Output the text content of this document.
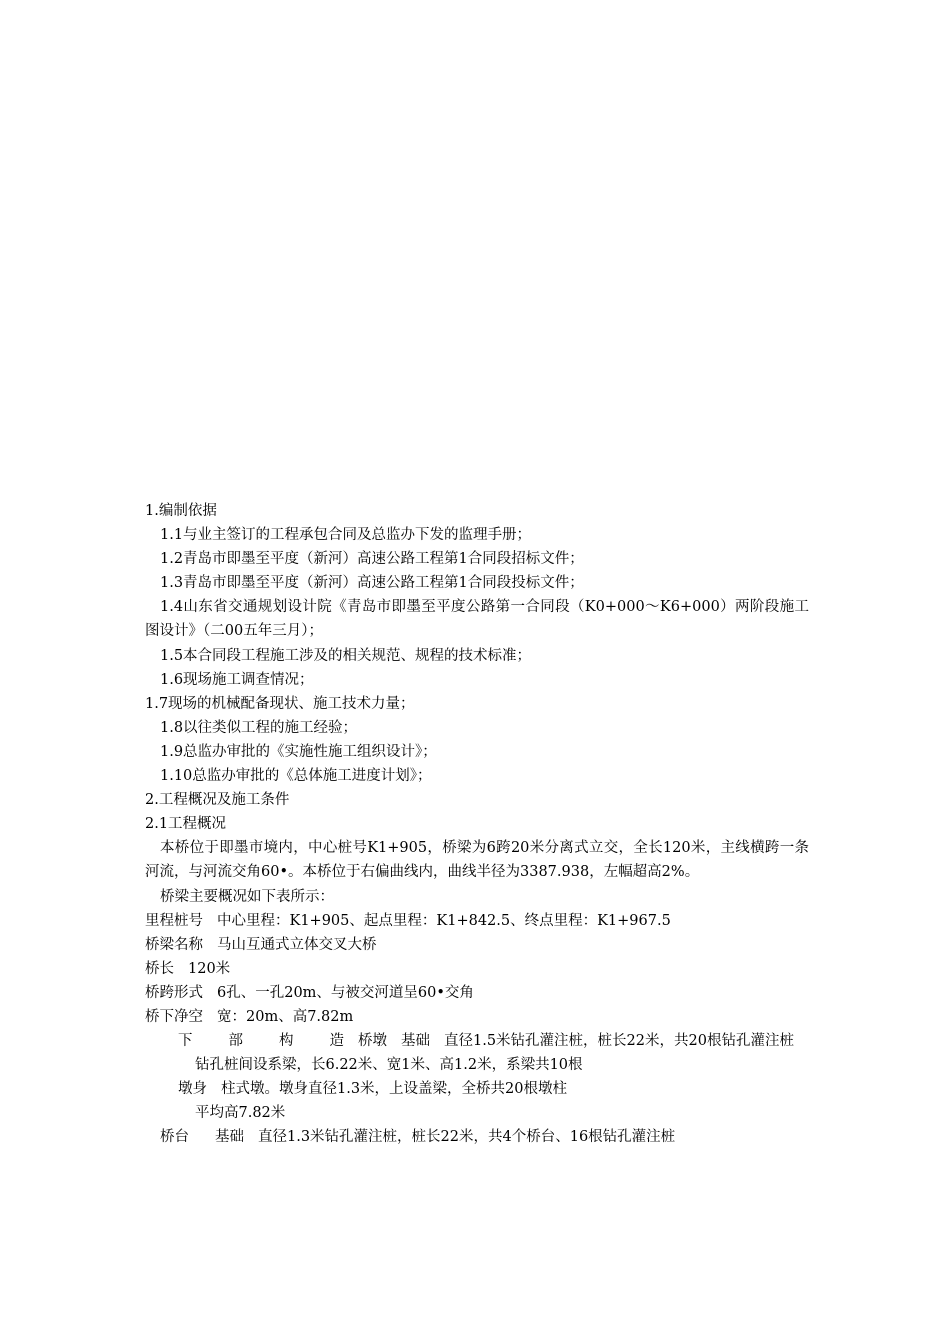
1.编制依据
1.1与业主签订的工程承包合同及总监办下发的监理手册；
1.2青岛市即墨至平度（新河）高速公路工程第1合同段招标文件；
1.3青岛市即墨至平度（新河）高速公路工程第1合同段投标文件；
1.4山东省交通规划设计院《青岛市即墨至平度公路第一合同段（K0+000～K6+000）两阶段施工图设计》（二00五年三月）；
1.5本合同段工程施工涉及的相关规范、规程的技术标准；
1.6现场施工调查情况；
1.7现场的机械配备现状、施工技术力量；
1.8以往类似工程的施工经验；
1.9总监办审批的《实施性施工组织设计》；
1.10总监办审批的《总体施工进度计划》；
2.工程概况及施工条件
2.1工程概况
本桥位于即墨市境内，中心桩号K1+905，桥梁为6跨20米分离式立交，全长120米，主线横跨一条河流，与河流交角60•。本桥位于右偏曲线内，曲线半径为3387.938，左幅超高2%。
桥梁主要概况如下表所示：
里程桩号 中心里程：K1+905、起点里程：K1+842.5、终点里程：K1+967.5
桥梁名称 马山互通式立体交叉大桥
桥长 120米
桥跨形式 6孔、一孔20m、与被交河道呈60•交角
桥下净空 宽：20m、高7.82m
下 部 构 造 桥墩 基础 直径1.5米钻孔灌注桩，桩长22米，共20根钻孔灌注桩
钻孔桩间设系梁，长6.22米、宽1米、高1.2米，系梁共10根
墩身 柱式墩。墩身直径1.3米，上设盖梁，全桥共20根墩柱
平均高7.82米
桥台 基础 直径1.3米钻孔灌注桩，桩长22米，共4个桥台、16根钻孔灌注桩
